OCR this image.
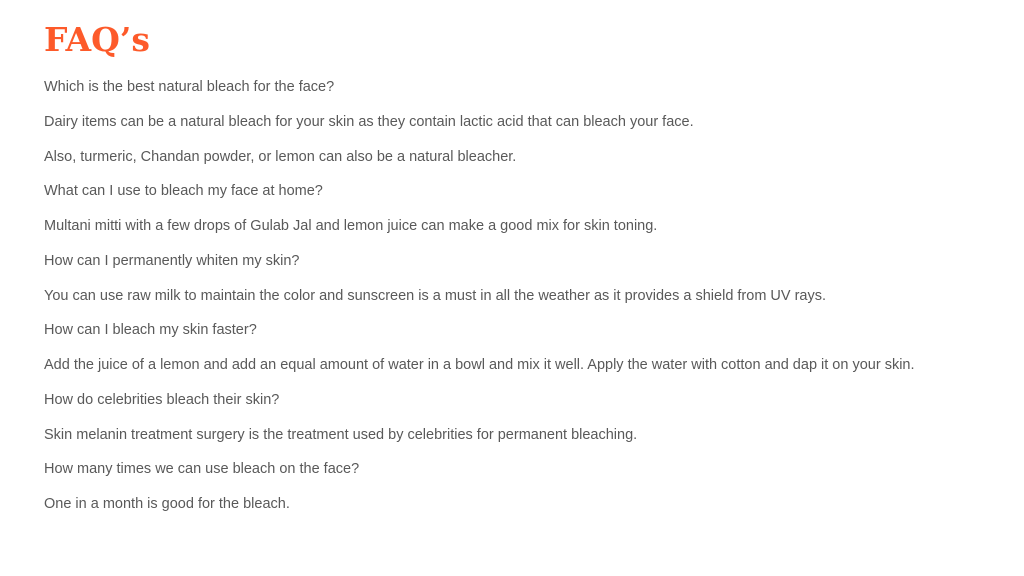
FAQ’s
Which is the best natural bleach for the face?
Dairy items can be a natural bleach for your skin as they contain lactic acid that can bleach your face.
Also, turmeric, Chandan powder, or lemon can also be a natural bleacher.
What can I use to bleach my face at home?
Multani mitti with a few drops of Gulab Jal and lemon juice can make a good mix for skin toning.
How can I permanently whiten my skin?
You can use raw milk to maintain the color and sunscreen is a must in all the weather as it provides a shield from UV rays.
How can I bleach my skin faster?
Add the juice of a lemon and add an equal amount of water in a bowl and mix it well. Apply the water with cotton and dap it on your skin.
How do celebrities bleach their skin?
Skin melanin treatment surgery is the treatment used by celebrities for permanent bleaching.
How many times we can use bleach on the face?
One in a month is good for the bleach.
